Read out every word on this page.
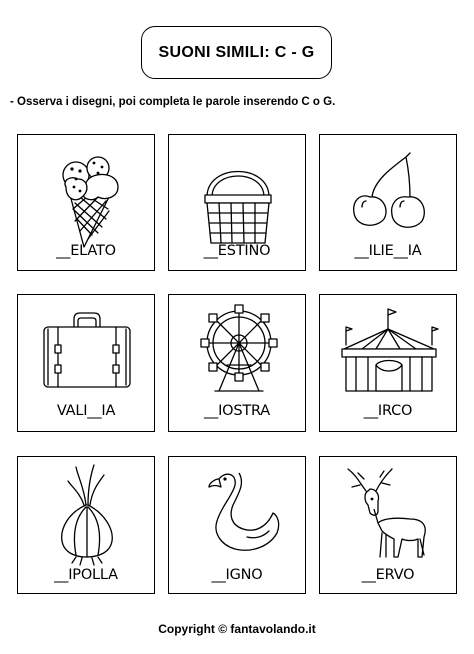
SUONI SIMILI: C - G
- Osserva i disegni, poi completa le parole inserendo C o G.
__ELATO	__ESTINO	__ILIE__IA
VALI__IA	__IOSTRA	__IRCO
__IPOLLA	__IGNO	__ERVO
Copyright © fantavolando.it
